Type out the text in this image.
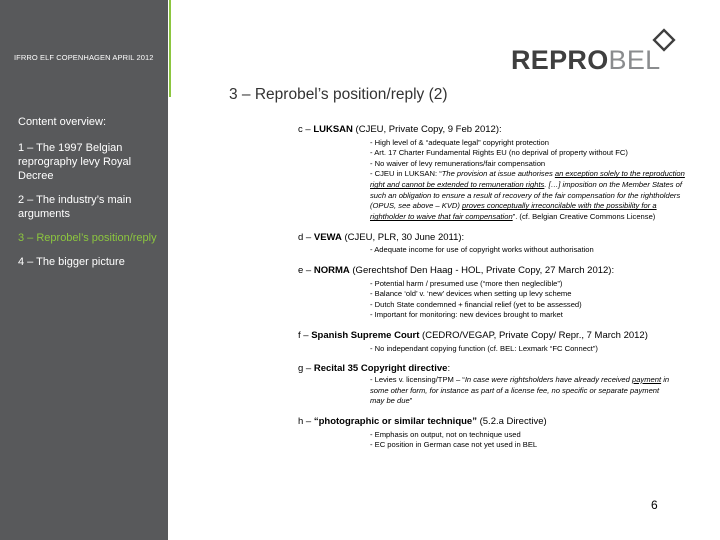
IFRRO ELF COPENHAGEN APRIL 2012	REPROBEL
3 – Reprobel’s position/reply (2)
Content overview:
1 – The 1997 Belgian reprography levy Royal Decree
2 – The industry’s main arguments
3 – Reprobel’s position/reply
4 – The bigger picture
c – LUKSAN (CJEU, Private Copy, 9 Feb 2012):
- High level of & “adequate legal” copyright protection
- Art. 17 Charter Fundamental Rights EU (no deprival of property without FC)
- No waiver of levy remunerations/fair compensation
- CJEU in LUKSAN: “The provision at issue authorises an exception solely to the reproduction right and cannot be extended to remuneration rights. […] imposition on the Member States of such an obligation to ensure a result of recovery of the fair compensation for the rightholders (OPUS, see above – KVD) proves conceptually irreconcilable with the possibility for a rightholder to waive that fair compensation”. (cf. Belgian Creative Commons License)
d – VEWA (CJEU, PLR, 30 June 2011):
- Adequate income for use of copyright works without authorisation
e – NORMA (Gerechtshof Den Haag - HOL, Private Copy, 27 March 2012):
- Potential harm / presumed use (“more then negleclible”)
- Balance ‘old’ v. ‘new’ devices when setting up levy scheme
- Dutch State condemned + financial relief (yet to be assessed)
- Important for monitoring: new devices brought to market
f – Spanish Supreme Court (CEDRO/VEGAP, Private Copy/ Repr., 7 March 2012)
- No independant copying function (cf. BEL: Lexmark “FC Connect”)
g – Recital 35 Copyright directive:
- Levies v. licensing/TPM – “In case were rightsholders have already received payment in some other form, for instance as part of a license fee, no specific or separate payment may be due”
h – “photographic or similar technique” (5.2.a Directive)
- Emphasis on output, not on technique used
- EC position in German case not yet used in BEL
6
